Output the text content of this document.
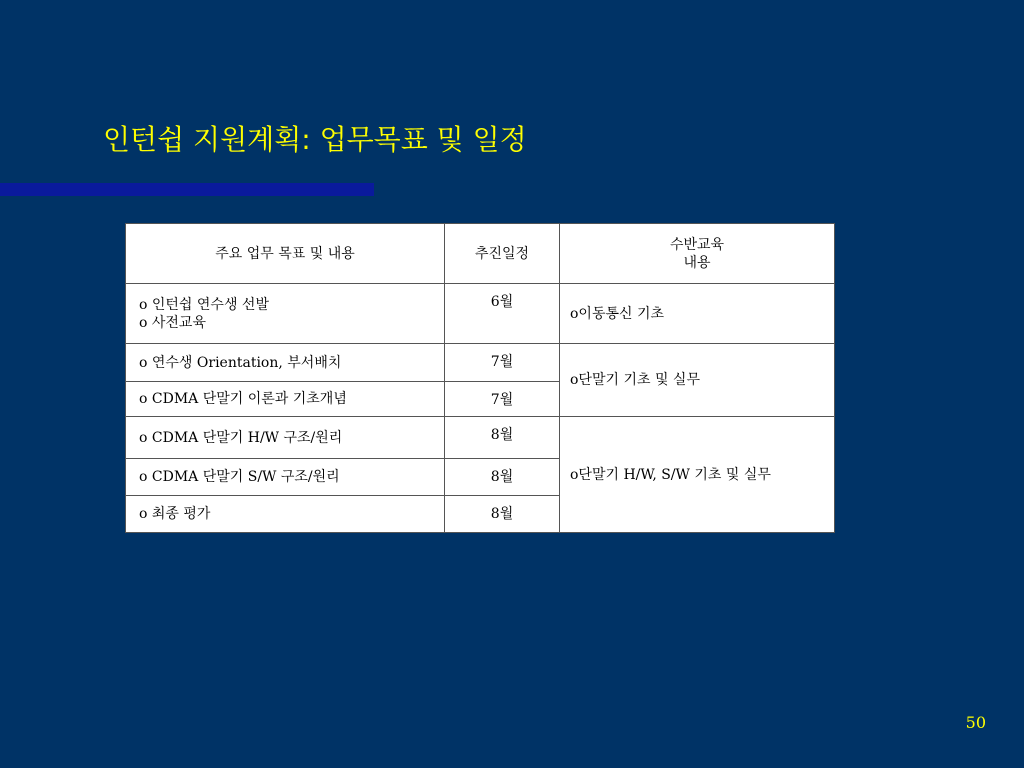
인턴쉽 지원계획: 업무목표 및 일정
주요 업무 목표 및 내용	추진일정	수반교육
내용

o 인턴쉽 연수생 선발
o 사전교육	6월	o이동통신 기초
o 연수생 Orientation, 부서배치	7월	o단말기 기초 및 실무
o CDMA 단말기 이론과 기초개념	7월	
o CDMA 단말기 H/W 구조/원리	8월	o단말기 H/W, S/W 기초 및 실무
o CDMA 단말기 S/W 구조/원리	8월	
o 최종 평가	8월	
50
